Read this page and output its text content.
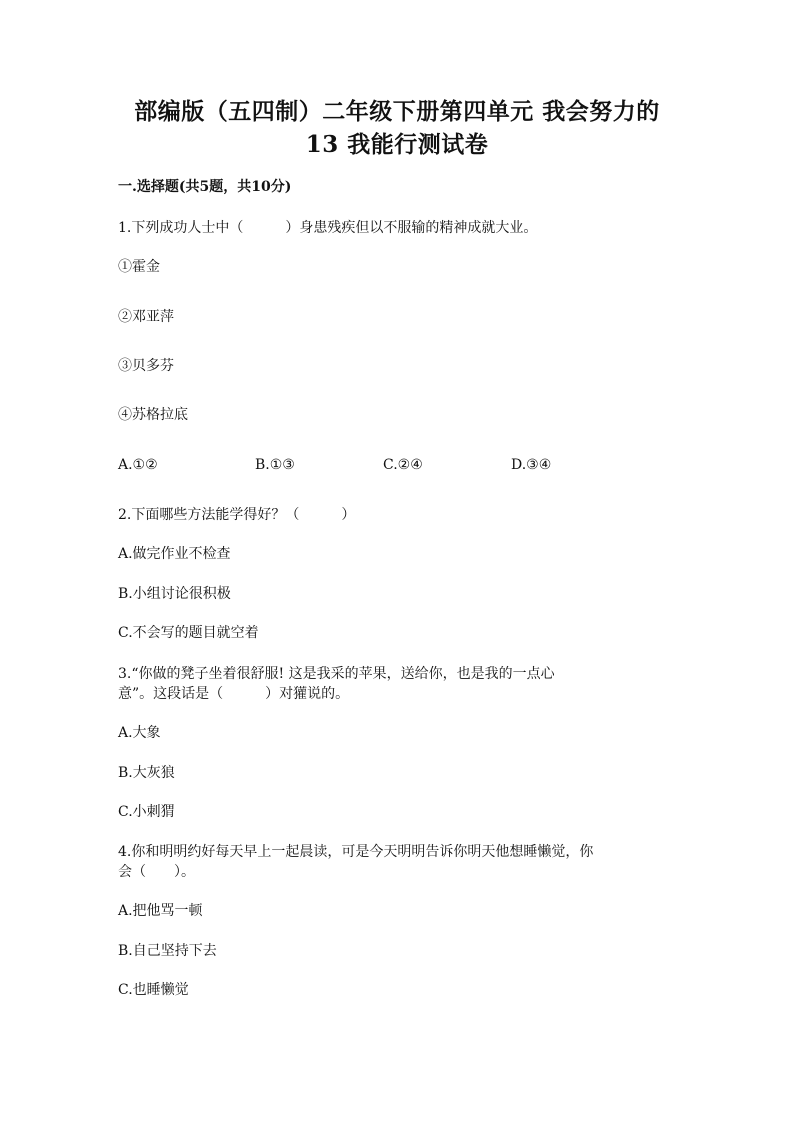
部编版（五四制）二年级下册第四单元 我会努力的
13 我能行测试卷
一.选择题(共5题，共10分)
1.下列成功人士中（　　　）身患残疾但以不服输的精神成就大业。
①霍金
②邓亚萍
③贝多芬
④苏格拉底
A.①②	B.①③	C.②④	D.③④
2.下面哪些方法能学得好？（　　　）
A.做完作业不检查
B.小组讨论很积极
C.不会写的题目就空着
3.“你做的凳子坐着很舒服! 这是我采的苹果，送给你，也是我的一点心
意”。这段话是（　　　）对獾说的。
A.大象
B.大灰狼
C.小刺猬
4.你和明明约好每天早上一起晨读，可是今天明明告诉你明天他想睡懒觉，你
会（　　）。
A.把他骂一顿
B.自己坚持下去
C.也睡懒觉
